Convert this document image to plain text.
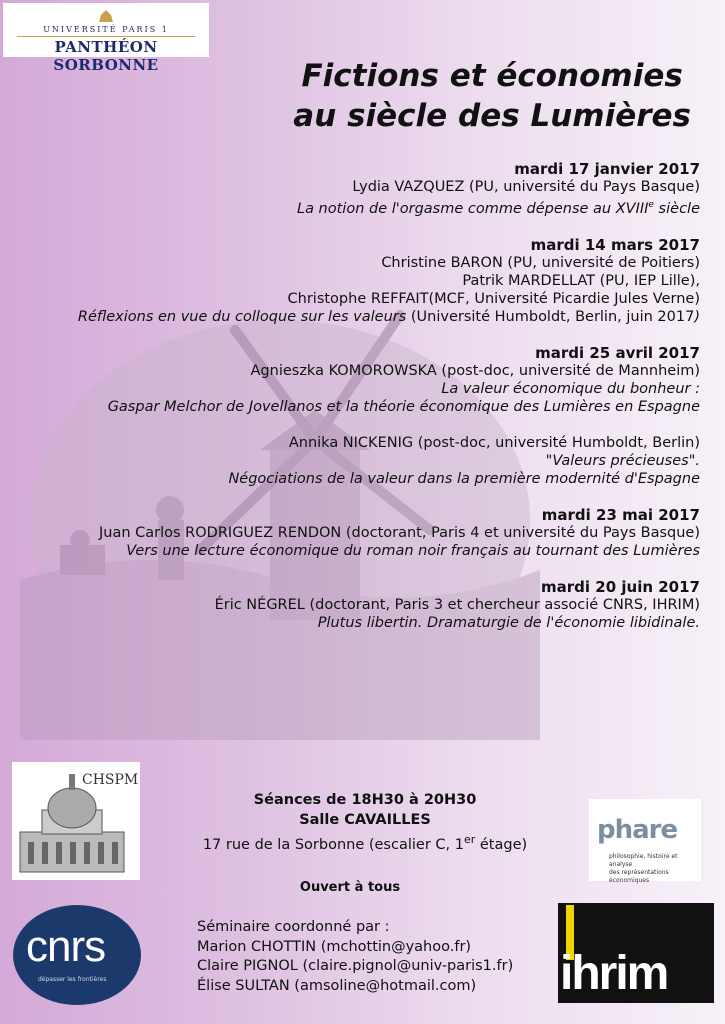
UNIVERSITÉ PARIS 1
PANTHÉON SORBONNE	Fictions et économies
au siècle des Lumières
mardi 17 janvier 2017
Lydia VAZQUEZ (PU, université du Pays Basque)
La notion de l'orgasme comme dépense au XVIIIe siècle
mardi 14 mars 2017
Christine BARON (PU, université de Poitiers)
Patrik MARDELLAT (PU, IEP Lille),
Christophe REFFAIT(MCF, Université Picardie Jules Verne)
Réflexions en vue du colloque sur les valeurs (Université Humboldt, Berlin, juin 2017)
mardi 25 avril 2017
Agnieszka KOMOROWSKA (post-doc, université de Mannheim)
La valeur économique du bonheur :
Gaspar Melchor de Jovellanos et la théorie économique des Lumières en Espagne
Annika NICKENIG (post-doc, université Humboldt, Berlin)
"Valeurs précieuses".
Négociations de la valeur dans la première modernité d'Espagne
mardi 23 mai 2017
Juan Carlos RODRIGUEZ RENDON (doctorant, Paris 4 et université du Pays Basque)
Vers une lecture économique du roman noir français au tournant des Lumières
mardi 20 juin 2017
Éric NÉGREL (doctorant, Paris 3 et chercheur associé CNRS, IHRIM)
Plutus libertin. Dramaturgie de l'économie libidinale.
CHSPM
Séances de 18H30 à 20H30
Salle CAVAILLES
17 rue de la Sorbonne (escalier C, 1er étage)	phare
philosophie, histoire et analyse
des représentations économiques
Ouvert à tous
cnrs
dépasser les frontières
Séminaire coordonné par :
Marion CHOTTIN (mchottin@yahoo.fr)
Claire PIGNOL (claire.pignol@univ-paris1.fr)
Élise SULTAN (amsoline@hotmail.com)	ihrim
